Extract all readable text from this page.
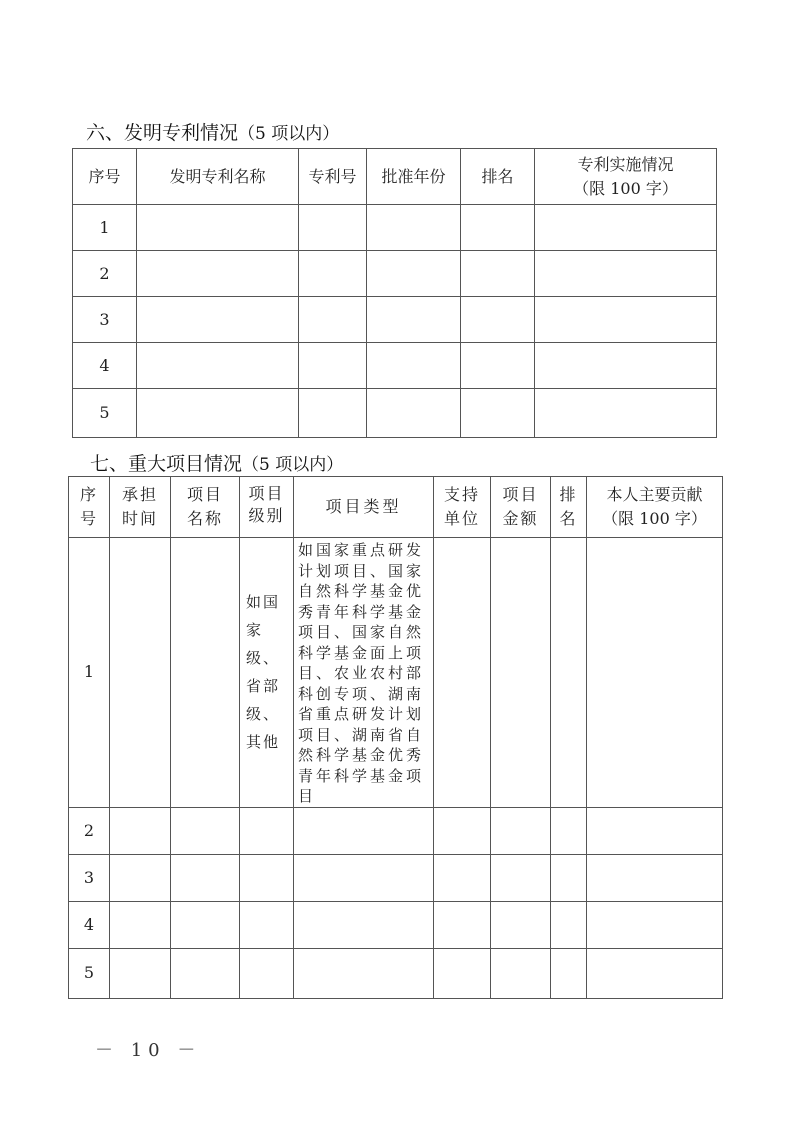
六、发明专利情况（5 项以内）
序号	发明专利名称	专利号	批准年份	排名	专利实施情况
（限 100 字）

1					
2					
3					
4					
5					
七、重大项目情况（5 项以内）
序号	承担时间	项目名称	项目级别	项目类型	支持单位	项目金额	排名	本人主要贡献
（限 100 字）

1			如国家级、省部级、其他	如国家重点研发计划项目、国家自然科学基金优秀青年科学基金项目、国家自然科学基金面上项目、农业农村部科创专项、湖南省重点研发计划项目、湖南省自然科学基金优秀青年科学基金项目				
2								
3								
4								
5								
－ 10 －
